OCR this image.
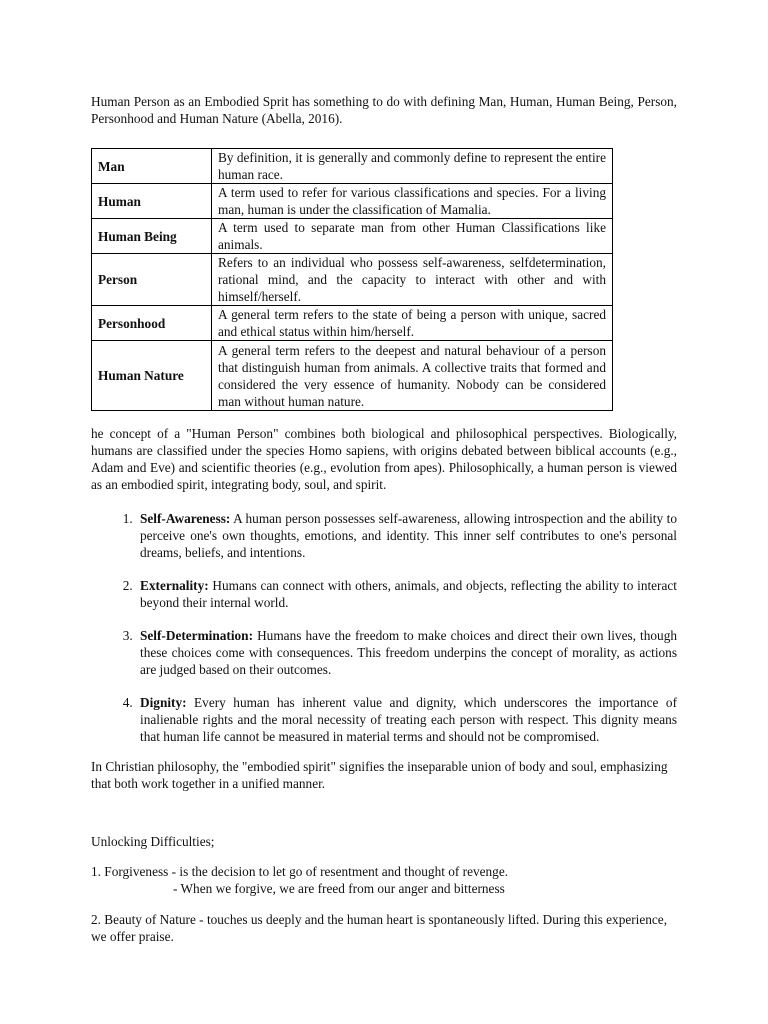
Human Person as an Embodied Sprit has something to do with defining Man, Human, Human Being, Person, Personhood and Human Nature (Abella, 2016).

Man	By definition, it is generally and commonly define to represent the entire human race.
Human	A term used to refer for various classifications and species. For a living man, human is under the classification of Mamalia.
Human Being	A term used to separate man from other Human Classifications like animals.
Person	Refers to an individual who possess self-awareness, selfdetermination, rational mind, and the capacity to interact with other and with himself/herself.
Personhood	A general term refers to the state of being a person with unique, sacred and ethical status within him/herself.
Human Nature	A general term refers to the deepest and natural behaviour of a person that distinguish human from animals. A collective traits that formed and considered the very essence of humanity. Nobody can be considered man without human nature.

he concept of a "Human Person" combines both biological and philosophical perspectives. Biologically, humans are classified under the species Homo sapiens, with origins debated between biblical accounts (e.g., Adam and Eve) and scientific theories (e.g., evolution from apes). Philosophically, a human person is viewed as an embodied spirit, integrating body, soul, and spirit.

1. Self-Awareness: A human person possesses self-awareness, allowing introspection and the ability to perceive one's own thoughts, emotions, and identity. This inner self contributes to one's personal dreams, beliefs, and intentions.
2. Externality: Humans can connect with others, animals, and objects, reflecting the ability to interact beyond their internal world.
3. Self-Determination: Humans have the freedom to make choices and direct their own lives, though these choices come with consequences. This freedom underpins the concept of morality, as actions are judged based on their outcomes.
4. Dignity: Every human has inherent value and dignity, which underscores the importance of inalienable rights and the moral necessity of treating each person with respect. This dignity means that human life cannot be measured in material terms and should not be compromised.

In Christian philosophy, the "embodied spirit" signifies the inseparable union of body and soul, emphasizing that both work together in a unified manner.

Unlocking Difficulties;

1. Forgiveness - is the decision to let go of resentment and thought of revenge.

- When we forgive, we are freed from our anger and bitterness

2. Beauty of Nature - touches us deeply and the human heart is spontaneously lifted. During this experience, we offer praise.
